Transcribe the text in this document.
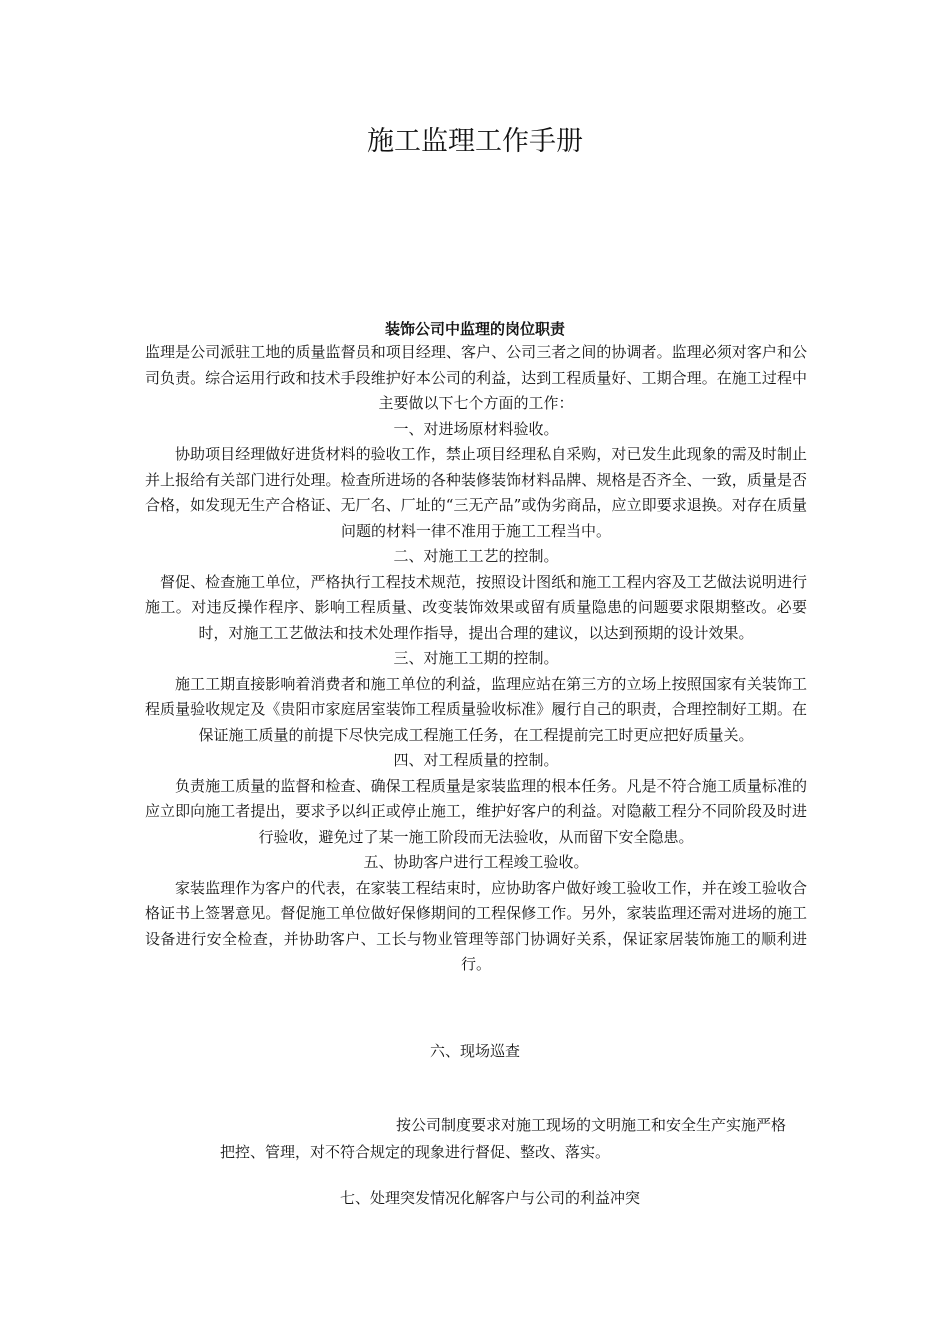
施工监理工作手册
装饰公司中监理的岗位职责

监理是公司派驻工地的质量监督员和项目经理、客户、公司三者之间的协调者。监理必须对客户和公司负责。综合运用行政和技术手段维护好本公司的利益，达到工程质量好、工期合理。在施工过程中主要做以下七个方面的工作：

一、对进场原材料验收。

协助项目经理做好进货材料的验收工作，禁止项目经理私自采购，对已发生此现象的需及时制止并上报给有关部门进行处理。检查所进场的各种装修装饰材料品牌、规格是否齐全、一致，质量是否合格，如发现无生产合格证、无厂名、厂址的“三无产品”或伪劣商品，应立即要求退换。对存在质量问题的材料一律不准用于施工工程当中。

二、对施工工艺的控制。

督促、检查施工单位，严格执行工程技术规范，按照设计图纸和施工工程内容及工艺做法说明进行施工。对违反操作程序、影响工程质量、改变装饰效果或留有质量隐患的问题要求限期整改。必要时，对施工工艺做法和技术处理作指导，提出合理的建议，以达到预期的设计效果。

三、对施工工期的控制。

施工工期直接影响着消费者和施工单位的利益，监理应站在第三方的立场上按照国家有关装饰工程质量验收规定及《贵阳市家庭居室装饰工程质量验收标准》履行自己的职责，合理控制好工期。在保证施工质量的前提下尽快完成工程施工任务，在工程提前完工时更应把好质量关。

四、对工程质量的控制。

负责施工质量的监督和检查、确保工程质量是家装监理的根本任务。凡是不符合施工质量标准的应立即向施工者提出，要求予以纠正或停止施工，维护好客户的利益。对隐蔽工程分不同阶段及时进行验收，避免过了某一施工阶段而无法验收，从而留下安全隐患。

五、协助客户进行工程竣工验收。

家装监理作为客户的代表，在家装工程结束时，应协助客户做好竣工验收工作，并在竣工验收合格证书上签署意见。督促施工单位做好保修期间的工程保修工作。另外，家装监理还需对进场的施工设备进行安全检查，并协助客户、工长与物业管理等部门协调好关系，保证家居装饰施工的顺利进行。

六、现场巡查
按公司制度要求对施工现场的文明施工和安全生产实施严格把控、管理，对不符合规定的现象进行督促、整改、落实。
七、处理突发情况化解客户与公司的利益冲突
